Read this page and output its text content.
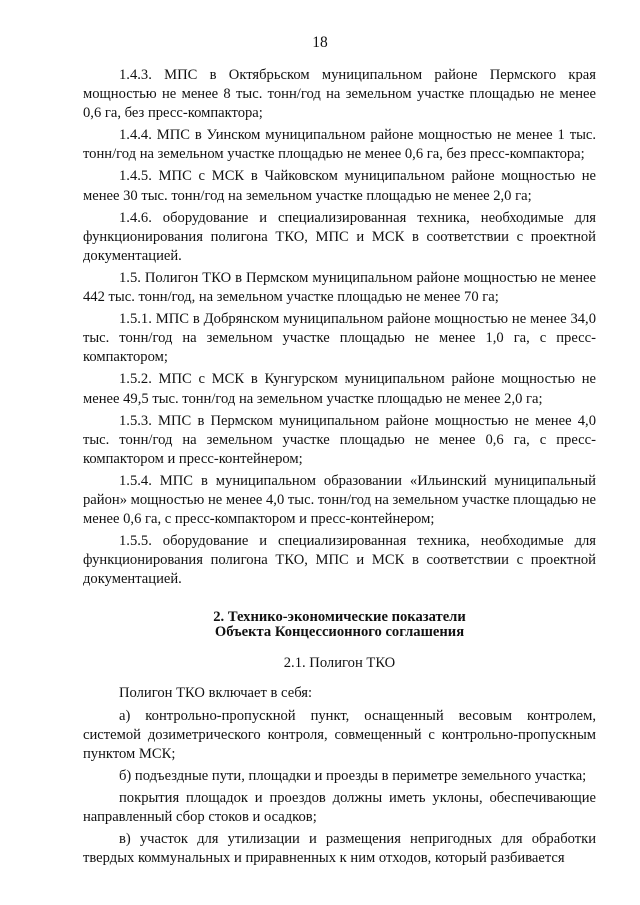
18

1.4.3. МПС в Октябрьском муниципальном районе Пермского края мощностью не менее 8 тыс. тонн/год на земельном участке площадью не менее 0,6 га, без пресс-компактора;

1.4.4. МПС в Уинском муниципальном районе мощностью не менее 1 тыс. тонн/год на земельном участке площадью не менее 0,6 га, без пресс-компактора;

1.4.5. МПС с МСК в Чайковском муниципальном районе мощностью не менее 30 тыс. тонн/год на земельном участке площадью не менее 2,0 га;

1.4.6. оборудование и специализированная техника, необходимые для функционирования полигона ТКО, МПС и МСК в соответствии с проектной документацией.

1.5. Полигон ТКО в Пермском муниципальном районе мощностью не менее 442 тыс. тонн/год, на земельном участке площадью не менее 70 га;

1.5.1. МПС в Добрянском муниципальном районе мощностью не менее 34,0 тыс. тонн/год на земельном участке площадью не менее 1,0 га, с пресс-компактором;

1.5.2. МПС с МСК в Кунгурском муниципальном районе мощностью не менее 49,5 тыс. тонн/год на земельном участке площадью не менее 2,0 га;

1.5.3. МПС в Пермском муниципальном районе мощностью не менее 4,0 тыс. тонн/год на земельном участке площадью не менее 0,6 га, с пресс-компактором и пресс-контейнером;

1.5.4. МПС в муниципальном образовании «Ильинский муниципальный район» мощностью не менее 4,0 тыс. тонн/год на земельном участке площадью не менее 0,6 га, с пресс-компактором и пресс-контейнером;

1.5.5. оборудование и специализированная техника, необходимые для функционирования полигона ТКО, МПС и МСК в соответствии с проектной документацией.

2. Технико-экономические показатели
Объекта Концессионного соглашения
2.1. Полигон ТКО

Полигон ТКО включает в себя:

а) контрольно-пропускной пункт, оснащенный весовым контролем, системой дозиметрического контроля, совмещенный с контрольно-пропускным пунктом МСК;

б) подъездные пути, площадки и проезды в периметре земельного участка;

покрытия площадок и проездов должны иметь уклоны, обеспечивающие направленный сбор стоков и осадков;

в) участок для утилизации и размещения непригодных для обработки твердых коммунальных и приравненных к ним отходов, который разбивается
